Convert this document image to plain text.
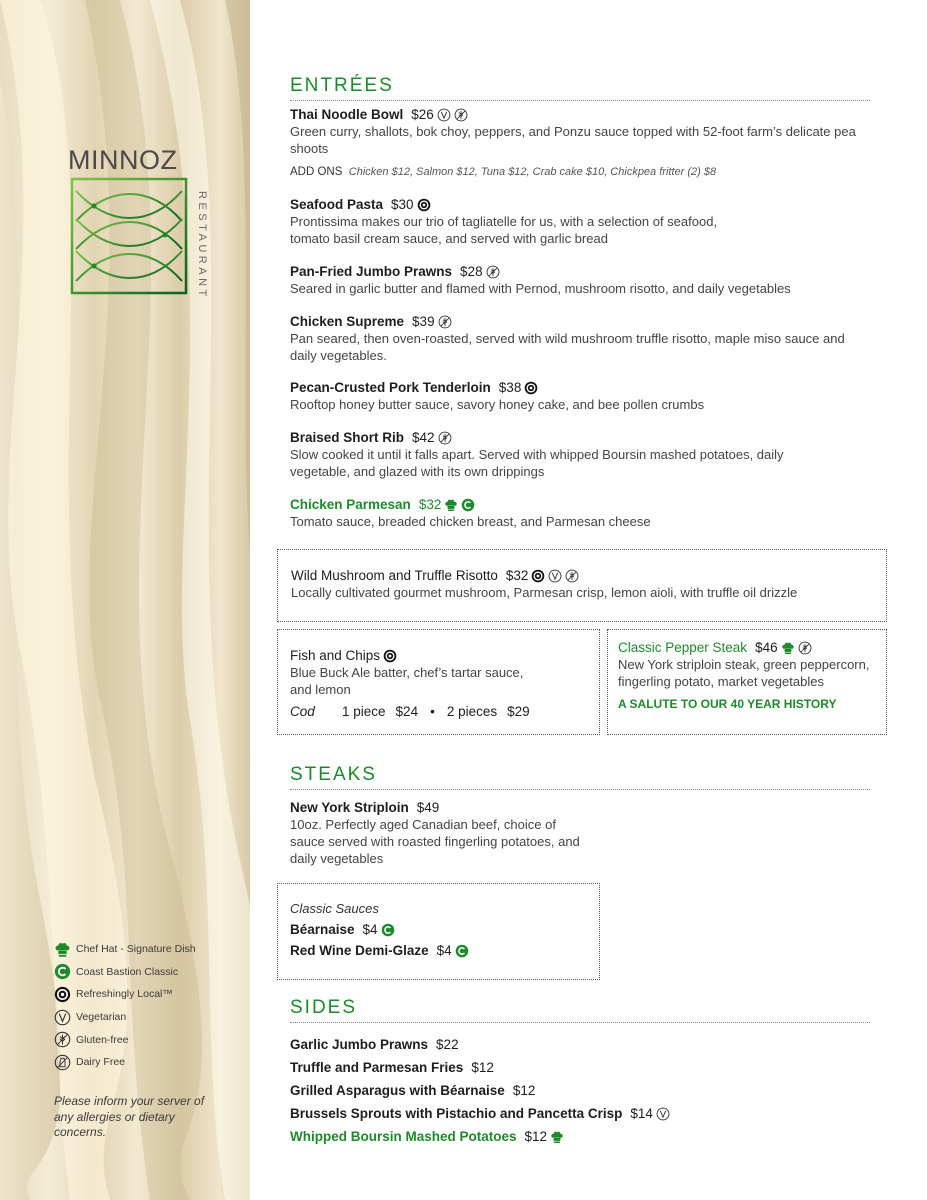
MINNOZ
RESTAURANT
Chef Hat - Signature Dish
Coast Bastion Classic
Refreshingly Local™
Vegetarian
Gluten-free
Dairy Free
Please inform your server of any allergies or dietary concerns.
ENTRÉES
Thai Noodle Bowl $26
Green curry, shallots, bok choy, peppers, and Ponzu sauce topped with 52-foot farm’s delicate pea shoots
ADD ONS Chicken $12, Salmon $12, Tuna $12, Crab cake $10, Chickpea fritter (2) $8
Seafood Pasta $30
Prontissima makes our trio of tagliatelle for us, with a selection of seafood, tomato basil cream sauce, and served with garlic bread
Pan-Fried Jumbo Prawns $28
Seared in garlic butter and flamed with Pernod, mushroom risotto, and daily vegetables
Chicken Supreme $39
Pan seared, then oven-roasted, served with wild mushroom truffle risotto, maple miso sauce and daily vegetables.
Pecan-Crusted Pork Tenderloin $38
Rooftop honey butter sauce, savory honey cake, and bee pollen crumbs
Braised Short Rib $42
Slow cooked it until it falls apart. Served with whipped Boursin mashed potatoes, daily vegetable, and glazed with its own drippings
Chicken Parmesan $32
Tomato sauce, breaded chicken breast, and Parmesan cheese
Wild Mushroom and Truffle Risotto $32
Locally cultivated gourmet mushroom, Parmesan crisp, lemon aioli, with truffle oil drizzle
Fish and Chips
Blue Buck Ale batter, chef’s tartar sauce, and lemon
Cod	1 piece $24 • 2 pieces $29
Classic Pepper Steak $46
New York striploin steak, green peppercorn, fingerling potato, market vegetables
A SALUTE TO OUR 40 YEAR HISTORY
STEAKS
New York Striploin $49
10oz. Perfectly aged Canadian beef, choice of sauce served with roasted fingerling potatoes, and daily vegetables
Classic Sauces
Béarnaise $4
Red Wine Demi-Glaze $4
SIDES
Garlic Jumbo Prawns $22
Truffle and Parmesan Fries $12
Grilled Asparagus with Béarnaise $12
Brussels Sprouts with Pistachio and Pancetta Crisp $14
Whipped Boursin Mashed Potatoes $12
